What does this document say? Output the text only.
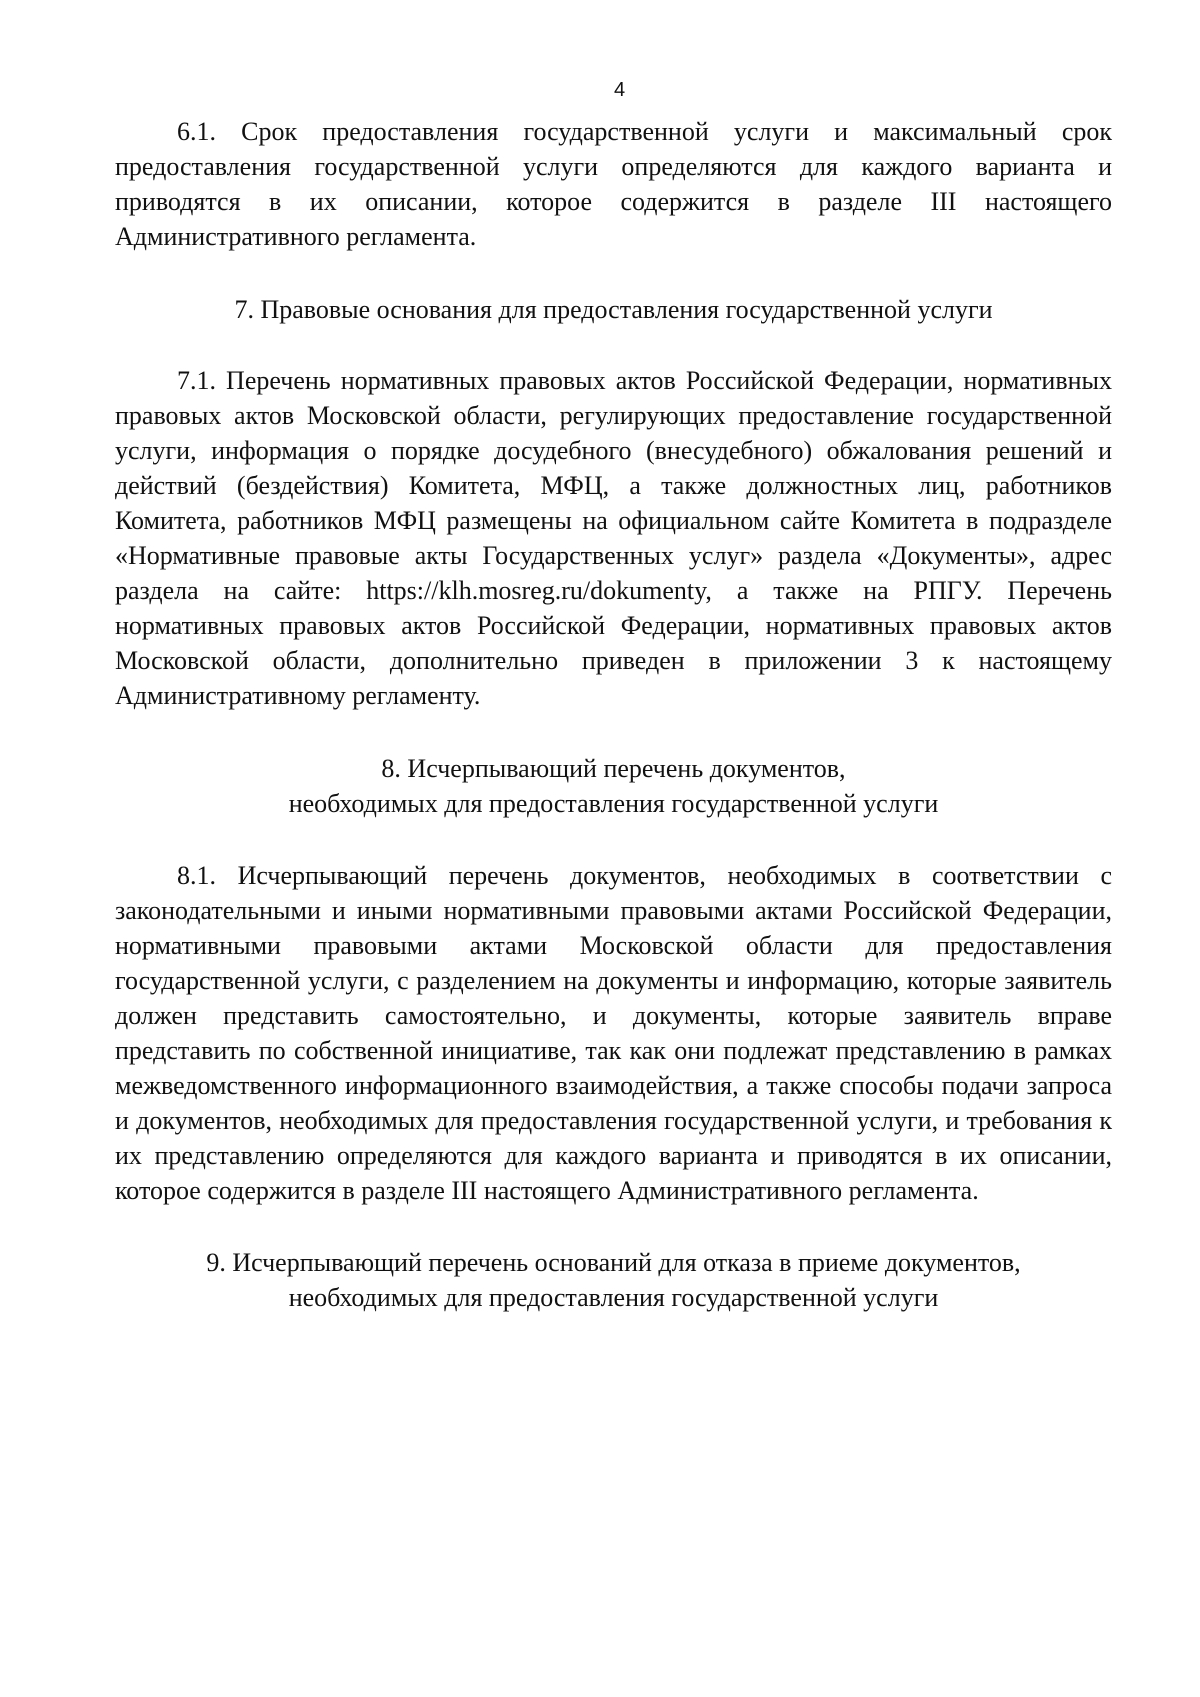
4

6.1. Срок предоставления государственной услуги и максимальный срок предоставления государственной услуги определяются для каждого варианта и приводятся в их описании, которое содержится в разделе III настоящего Административного регламента.

7. Правовые основания для предоставления государственной услуги

7.1. Перечень нормативных правовых актов Российской Федерации, нормативных правовых актов Московской области, регулирующих предоставление государственной услуги, информация о порядке досудебного (внесудебного) обжалования решений и действий (бездействия) Комитета, МФЦ, а также должностных лиц, работников Комитета, работников МФЦ размещены на официальном сайте Комитета в подразделе «Нормативные правовые акты Государственных услуг» раздела «Документы», адрес раздела на сайте: https://klh.mosreg.ru/dokumenty, а также на РПГУ. Перечень нормативных правовых актов Российской Федерации, нормативных правовых актов Московской области, дополнительно приведен в приложении 3 к настоящему Административному регламенту.

8. Исчерпывающий перечень документов,
необходимых для предоставления государственной услуги

8.1. Исчерпывающий перечень документов, необходимых в соответствии с законодательными и иными нормативными правовыми актами Российской Федерации, нормативными правовыми актами Московской области для предоставления государственной услуги, с разделением на документы и информацию, которые заявитель должен представить самостоятельно, и документы, которые заявитель вправе представить по собственной инициативе, так как они подлежат представлению в рамках межведомственного информационного взаимодействия, а также способы подачи запроса и документов, необходимых для предоставления государственной услуги, и требования к их представлению определяются для каждого варианта и приводятся в их описании, которое содержится в разделе III настоящего Административного регламента.

9. Исчерпывающий перечень оснований для отказа в приеме документов,
необходимых для предоставления государственной услуги
